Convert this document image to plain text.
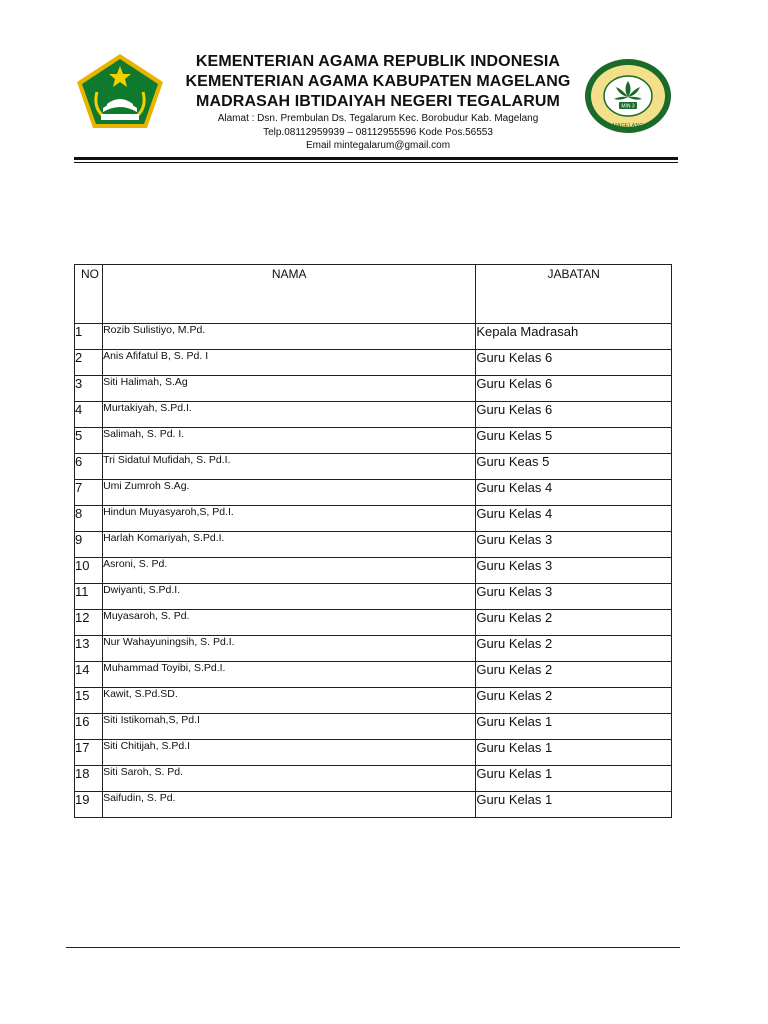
MIN 3
MAGELANG
KEMENTERIAN AGAMA REPUBLIK INDONESIA
KEMENTERIAN AGAMA KABUPATEN MAGELANG
MADRASAH IBTIDAIYAH NEGERI TEGALARUM
Alamat : Dsn. Prembulan Ds. Tegalarum Kec. Borobudur Kab. Magelang
Telp.08112959939 – 08112955596 Kode Pos.56553
Email mintegalarum@gmail.com
NO	NAMA	JABATAN
1	Rozib Sulistiyo, M.Pd.	Kepala Madrasah
2	Anis Afifatul B, S. Pd. I	Guru Kelas 6
3	Siti Halimah, S.Ag	Guru Kelas 6
4	Murtakiyah, S.Pd.I.	Guru Kelas 6
5	Salimah, S. Pd. I.	Guru Kelas 5
6	Tri Sidatul Mufidah, S. Pd.I.	Guru Keas 5
7	Umi Zumroh S.Ag.	Guru Kelas 4
8	Hindun Muyasyaroh,S, Pd.I.	Guru Kelas 4
9	Harlah Komariyah, S.Pd.I.	Guru Kelas 3
10	Asroni, S. Pd.	Guru Kelas 3
11	Dwiyanti, S.Pd.I.	Guru Kelas 3
12	Muyasaroh, S. Pd.	Guru Kelas 2
13	Nur Wahayuningsih, S. Pd.I.	Guru Kelas 2
14	Muhammad Toyibi, S.Pd.I.	Guru Kelas 2
15	Kawit, S.Pd.SD.	Guru Kelas 2
16	Siti Istikomah,S, Pd.I	Guru Kelas 1
17	Siti Chitijah, S.Pd.I	Guru Kelas 1
18	Siti Saroh, S. Pd.	Guru Kelas 1
19	Saifudin, S. Pd.	Guru Kelas 1
